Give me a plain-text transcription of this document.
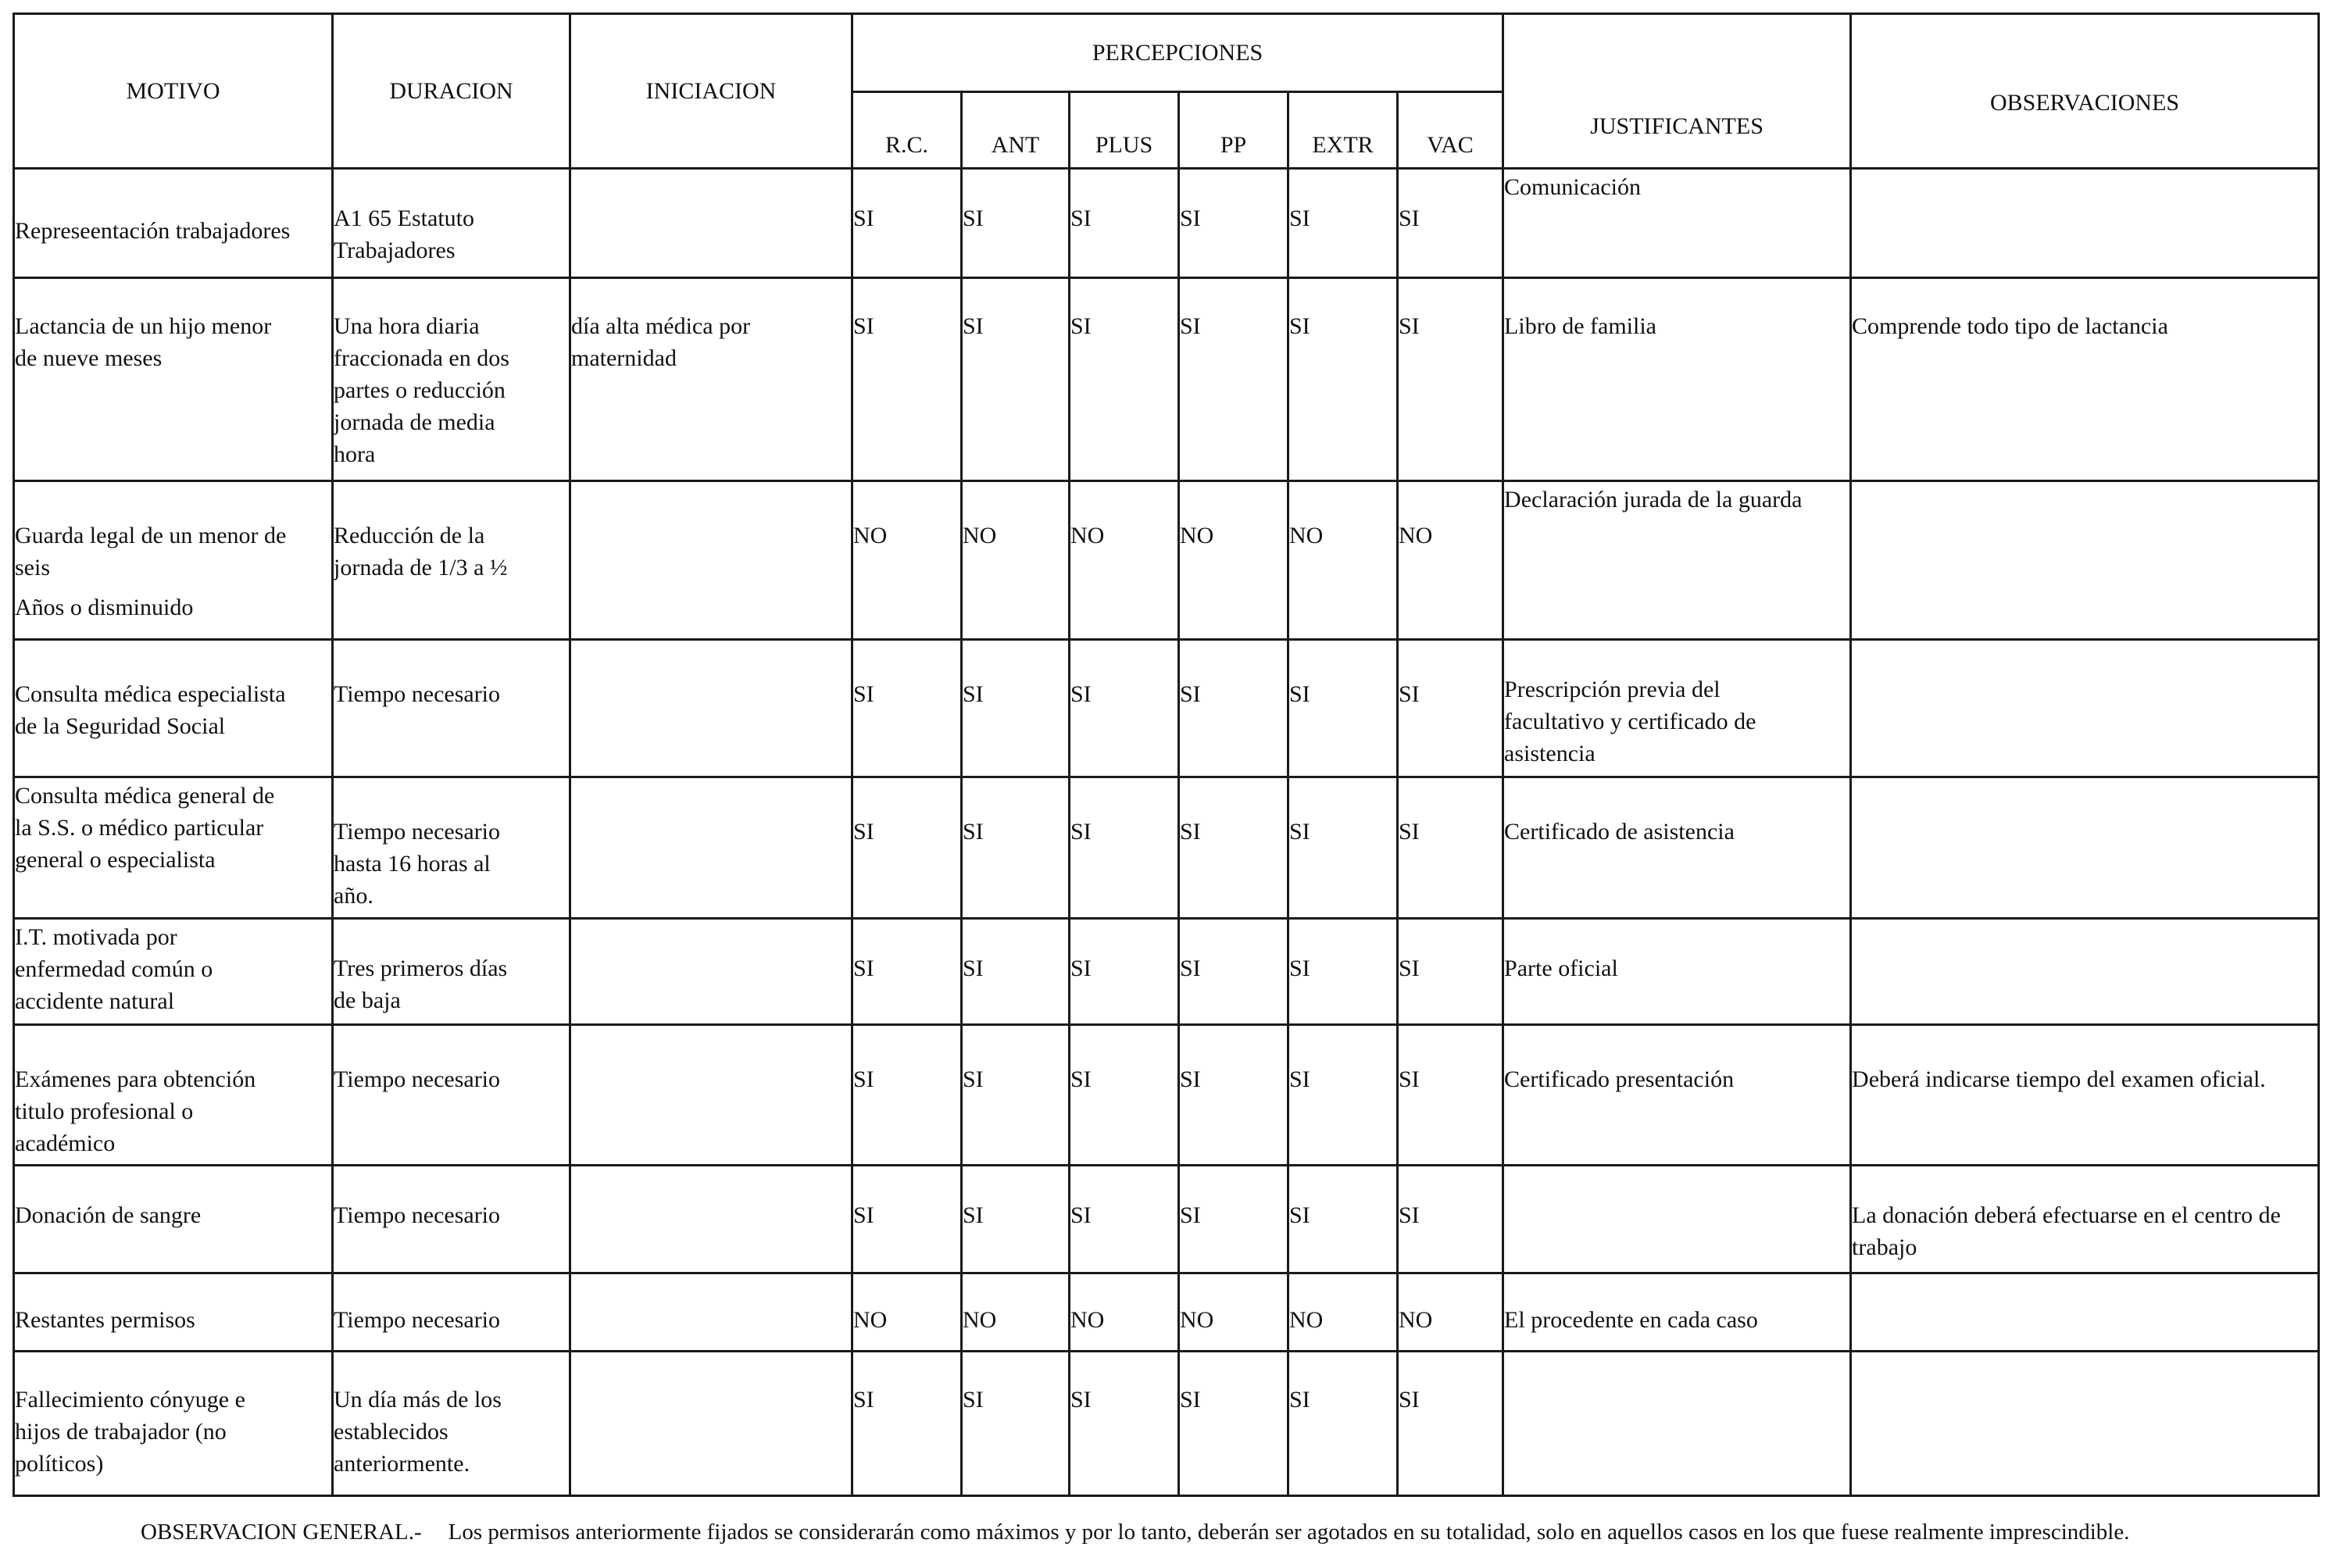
MOTIVO	DURACION	INICIACION	PERCEPCIONES						JUSTIFICANTES	OBSERVACIONES
			R.C.	ANT	PLUS	PP	EXTR	VAC		

Represeentación trabajadores	A1 65 Estatuto
Trabajadores		SI	SI	SI	SI	SI	SI	Comunicación	

Lactancia de un hijo menor
de nueve meses	Una hora diaria
fraccionada en dos
partes o reducción
jornada de media
hora	día alta médica por
maternidad	SI	SI	SI	SI	SI	SI	Libro de familia	Comprende todo tipo de lactancia

Guarda legal de un menor de
seis
Años o disminuido	Reducción de la
jornada de 1/3 a ½		NO	NO	NO	NO	NO	NO	Declaración jurada de la guarda	

Consulta médica especialista
de la Seguridad Social	Tiempo necesario		SI	SI	SI	SI	SI	SI	Prescripción previa del
facultativo y certificado de
asistencia	

Consulta médica general de
la S.S. o médico particular
general o especialista	Tiempo necesario
hasta 16 horas al
año.		SI	SI	SI	SI	SI	SI	Certificado de asistencia	

I.T. motivada por
enfermedad común o
accidente natural	Tres primeros días
de baja		SI	SI	SI	SI	SI	SI	Parte oficial	

Exámenes para obtención
titulo profesional o
académico	Tiempo necesario		SI	SI	SI	SI	SI	SI	Certificado presentación	Deberá indicarse tiempo del examen oficial.

Donación de sangre	Tiempo necesario		SI	SI	SI	SI	SI	SI		La donación deberá efectuarse en el centro de
trabajo

Restantes permisos	Tiempo necesario		NO	NO	NO	NO	NO	NO	El procedente en cada caso	

Fallecimiento cónyuge e
hijos de trabajador (no
políticos)	Un día más de los
establecidos
anteriormente.		SI	SI	SI	SI	SI	SI		
OBSERVACION GENERAL.- Los permisos anteriormente fijados se considerarán como máximos y por lo tanto, deberán ser agotados en su totalidad, solo en aquellos casos en los que fuese realmente imprescindible.
